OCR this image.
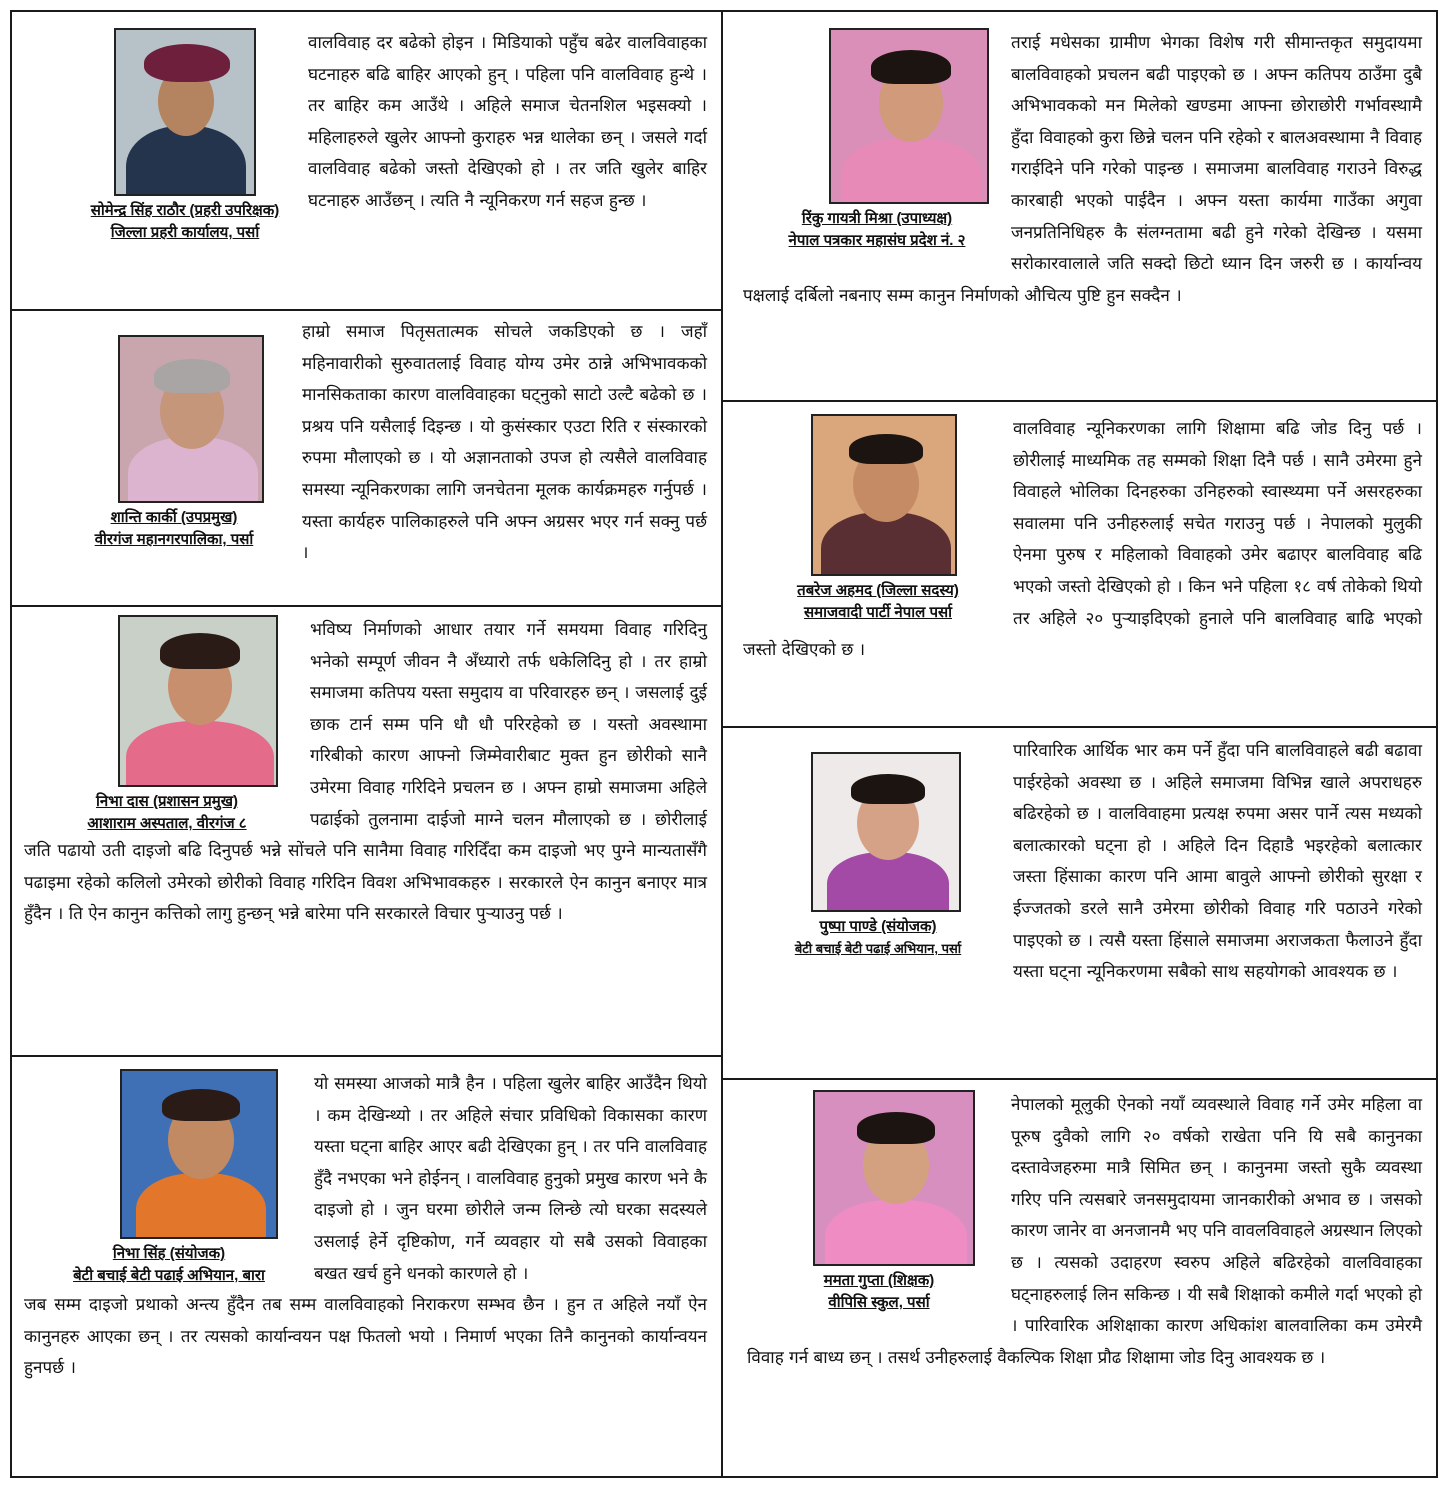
सोमेन्द्र सिंह राठौर (प्रहरी उपरिक्षक)
जिल्ला प्रहरी कार्यालय, पर्सा

वालविवाह दर बढेको होइन । मिडियाको पहुँच बढेर वालविवाहका घटनाहरु बढि बाहिर आएको हुन् । पहिला पनि वालविवाह हुन्थे । तर बाहिर कम आउँथे । अहिले समाज चेतनशिल भइसक्यो । महिलाहरुले खुलेर आफ्नो कुराहरु भन्न थालेका छन् । जसले गर्दा वालविवाह बढेको जस्तो देखिएको हो । तर जति खुलेर बाहिर घटनाहरु आउँछन् । त्यति नै न्यूनिकरण गर्न सहज हुन्छ ।

शान्ति कार्की (उपप्रमुख)
वीरगंज महानगरपालिका, पर्सा

हाम्रो समाज पितृसतात्मक सोचले जकडिएको छ । जहाँ महिनावारीको सुरुवातलाई विवाह योग्य उमेर ठान्ने अभिभावकको मानसिकताका कारण वालविवाहका घट्नुको साटो उल्टै बढेको छ । प्रश्रय पनि यसैलाई दिइन्छ । यो कुसंस्कार एउटा रिति र संस्कारको रुपमा मौलाएको छ । यो अज्ञानताको उपज हो त्यसैले वालविवाह समस्या न्यूनिकरणका लागि जनचेतना मूलक कार्यक्रमहरु गर्नुपर्छ । यस्ता कार्यहरु पालिकाहरुले पनि अफ्न अग्रसर भएर गर्न सक्नु पर्छ ।

निभा दास (प्रशासन प्रमुख)
आशाराम अस्पताल, वीरगंज ८

भविष्य निर्माणको आधार तयार गर्ने समयमा विवाह गरिदिनु भनेको सम्पूर्ण जीवन नै अँध्यारो तर्फ धकेलिदिनु हो । तर हाम्रो समाजमा कतिपय यस्ता समुदाय वा परिवारहरु छन् । जसलाई दुई छाक टार्न सम्म पनि धौ धौ परिरहेको छ । यस्तो अवस्थामा गरिबीको कारण आफ्नो जिम्मेवारीबाट मुक्त हुन छोरीको सानै उमेरमा विवाह गरिदिने प्रचलन छ । अफ्न हाम्रो समाजमा अहिले पढाईको तुलनामा दाईजो माग्ने चलन मौलाएको छ । छोरीलाई जति पढायो उती दाइजो बढि दिनुपर्छ भन्ने सोंचले पनि सानैमा विवाह गरिदिँदा कम दाइजो भए पुग्ने मान्यतासँगै पढाइमा रहेको कलिलो उमेरको छोरीको विवाह गरिदिन विवश अभिभावकहरु । सरकारले ऐन कानुन बनाएर मात्र हुँदैन । ति ऐन कानुन कत्तिको लागु हुन्छन् भन्ने बारेमा पनि सरकारले विचार पुऱ्याउनु पर्छ ।

निभा सिंह (संयोजक)
बेटी बचाई बेटी पढाई अभियान, बारा

यो समस्या आजको मात्रै हैन । पहिला खुलेर बाहिर आउँदैन थियो । कम देखिन्थ्यो । तर अहिले संचार प्रविधिको विकासका कारण यस्ता घट्ना बाहिर आएर बढी देखिएका हुन् । तर पनि वालविवाह हुँदै नभएका भने होईनन् । वालविवाह हुनुको प्रमुख कारण भने कै दाइजो हो । जुन घरमा छोरीले जन्म लिन्छे त्यो घरका सदस्यले उसलाई हेर्ने दृष्टिकोण, गर्ने व्यवहार यो सबै उसको विवाहका बखत खर्च हुने धनको कारणले हो ।

जब सम्म दाइजो प्रथाको अन्त्य हुँदैन तब सम्म वालविवाहको निराकरण सम्भव छैन । हुन त अहिले नयाँ ऐन कानुनहरु आएका छन् । तर त्यसको कार्यान्वयन पक्ष फितलो भयो । निमार्ण भएका तिनै कानुनको कार्यान्वयन हुनपर्छ ।

रिंकु गायत्री मिश्रा (उपाध्यक्ष)
नेपाल पत्रकार महासंघ प्रदेश नं. २

तराई मधेसका ग्रामीण भेगका विशेष गरी सीमान्तकृत समुदायमा बालविवाहको प्रचलन बढी पाइएको छ । अफ्न कतिपय ठाउँमा दुबै अभिभावकको मन मिलेको खण्डमा आफ्ना छोराछोरी गर्भावस्थामै हुँदा विवाहको कुरा छिन्ने चलन पनि रहेको र बालअवस्थामा नै विवाह गराईदिने पनि गरेको पाइन्छ । समाजमा बालविवाह गराउने विरुद्ध कारबाही भएको पाईदैन । अफ्न यस्ता कार्यमा गाउँका अगुवा जनप्रतिनिधिहरु कै संलग्नतामा बढी हुने गरेको देखिन्छ । यसमा सरोकारवालाले जति सक्दो छिटो ध्यान दिन जरुरी छ । कार्यान्वय पक्षलाई दर्बिलो नबनाए सम्म कानुन निर्माणको औचित्य पुष्टि हुन सक्दैन ।

तबरेज अहमद (जिल्ला सदस्य)
समाजवादी पार्टी नेपाल पर्सा

वालविवाह न्यूनिकरणका लागि शिक्षामा बढि जोड दिनु पर्छ । छोरीलाई माध्यमिक तह सम्मको शिक्षा दिनै पर्छ । सानै उमेरमा हुने विवाहले भोलिका दिनहरुका उनिहरुको स्वास्थ्यमा पर्ने असरहरुका सवालमा पनि उनीहरुलाई सचेत गराउनु पर्छ । नेपालको मुलुकी ऐनमा पुरुष र महिलाको विवाहको उमेर बढाएर बालविवाह बढि भएको जस्तो देखिएको हो । किन भने पहिला १८ वर्ष तोकेको थियो तर अहिले २० पुऱ्याइदिएको हुनाले पनि बालविवाह बाढि भएको जस्तो देखिएको छ ।

पुष्पा पाण्डे (संयोजक)
बेटी बचाई बेटी पढाई अभियान, पर्सा

पारिवारिक आर्थिक भार कम पर्ने हुँदा पनि बालविवाहले बढी बढावा पाईरहेको अवस्था छ । अहिले समाजमा विभिन्न खाले अपराधहरु बढिरहेको छ । वालविवाहमा प्रत्यक्ष रुपमा असर पार्ने त्यस मध्यको बलात्कारको घट्ना हो । अहिले दिन दिहाडै भइरहेको बलात्कार जस्ता हिंसाका कारण पनि आमा बावुले आफ्नो छोरीको सुरक्षा र ईज्जतको डरले सानै उमेरमा छोरीको विवाह गरि पठाउने गरेको पाइएको छ । त्यसै यस्ता हिंसाले समाजमा अराजकता फैलाउने हुँदा यस्ता घट्ना न्यूनिकरणमा सबैको साथ सहयोगको आवश्यक छ ।

ममता गुप्ता (शिक्षक)
वीपिसि स्कुल, पर्सा

नेपालको मूलुकी ऐनको नयाँ व्यवस्थाले विवाह गर्ने उमेर महिला वा पूरुष दुवैको लागि २० वर्षको राखेता पनि यि सबै कानुनका दस्तावेजहरुमा मात्रै सिमित छन् । कानुनमा जस्तो सुकै व्यवस्था गरिए पनि त्यसबारे जनसमुदायमा जानकारीको अभाव छ । जसको कारण जानेर वा अनजानमै भए पनि वावलविवाहले अग्रस्थान लिएको छ । त्यसको उदाहरण स्वरुप अहिले बढिरहेको वालविवाहका घट्नाहरुलाई लिन सकिन्छ । यी सबै शिक्षाको कमीले गर्दा भएको हो । पारिवारिक अशिक्षाका कारण अधिकांश बालवालिका कम उमेरमै विवाह गर्न बाध्य छन् । तसर्थ उनीहरुलाई वैकल्पिक शिक्षा प्रौढ शिक्षामा जोड दिनु आवश्यक छ ।
